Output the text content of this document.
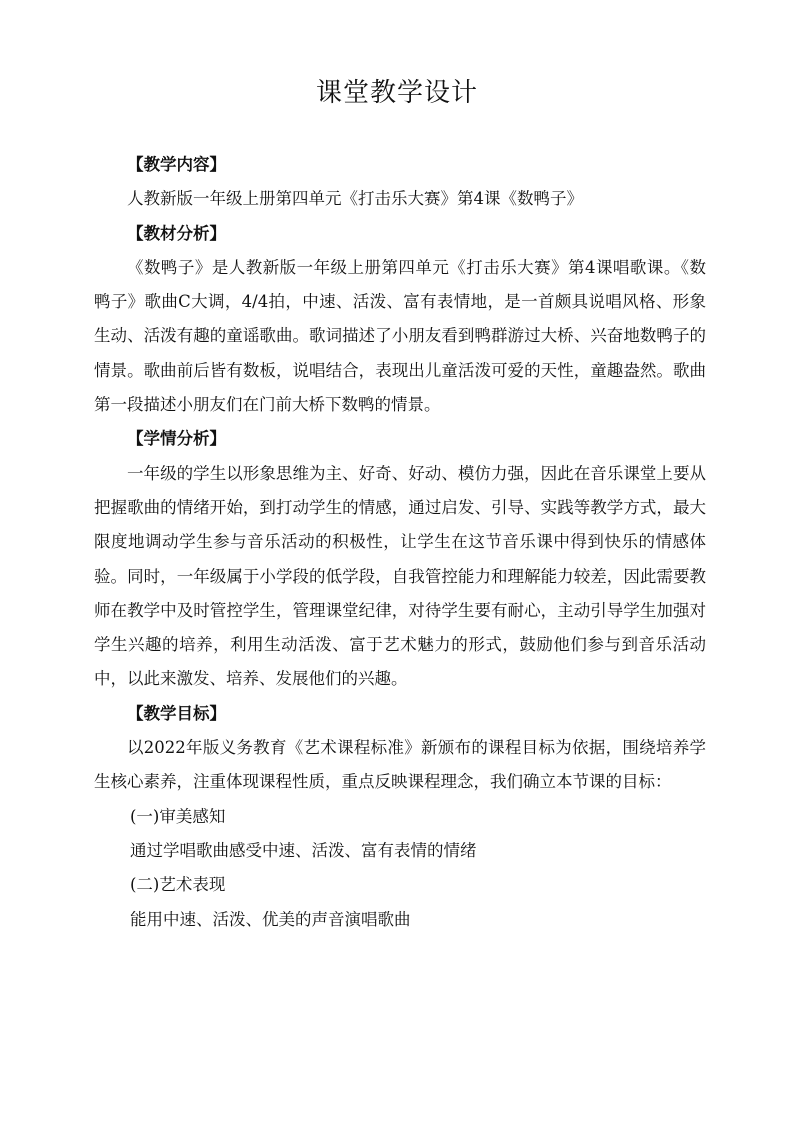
课堂教学设计

【教学内容】

人教新版一年级上册第四单元《打击乐大赛》第4课《数鸭子》

【教材分析】

《数鸭子》是人教新版一年级上册第四单元《打击乐大赛》第4课唱歌课。《数鸭子》歌曲C大调，4/4拍，中速、活泼、富有表情地，是一首颇具说唱风格、形象生动、活泼有趣的童谣歌曲。歌词描述了小朋友看到鸭群游过大桥、兴奋地数鸭子的情景。歌曲前后皆有数板，说唱结合，表现出儿童活泼可爱的天性，童趣盎然。歌曲第一段描述小朋友们在门前大桥下数鸭的情景。

【学情分析】

一年级的学生以形象思维为主、好奇、好动、模仿力强，因此在音乐课堂上要从把握歌曲的情绪开始，到打动学生的情感，通过启发、引导、实践等教学方式，最大限度地调动学生参与音乐活动的积极性，让学生在这节音乐课中得到快乐的情感体验。同时，一年级属于小学段的低学段，自我管控能力和理解能力较差，因此需要教师在教学中及时管控学生，管理课堂纪律，对待学生要有耐心，主动引导学生加强对学生兴趣的培养，利用生动活泼、富于艺术魅力的形式，鼓励他们参与到音乐活动中，以此来激发、培养、发展他们的兴趣。

【教学目标】

以2022年版义务教育《艺术课程标准》新颁布的课程目标为依据，围绕培养学生核心素养，注重体现课程性质，重点反映课程理念，我们确立本节课的目标：

(一)审美感知

通过学唱歌曲感受中速、活泼、富有表情的情绪

(二)艺术表现

能用中速、活泼、优美的声音演唱歌曲
